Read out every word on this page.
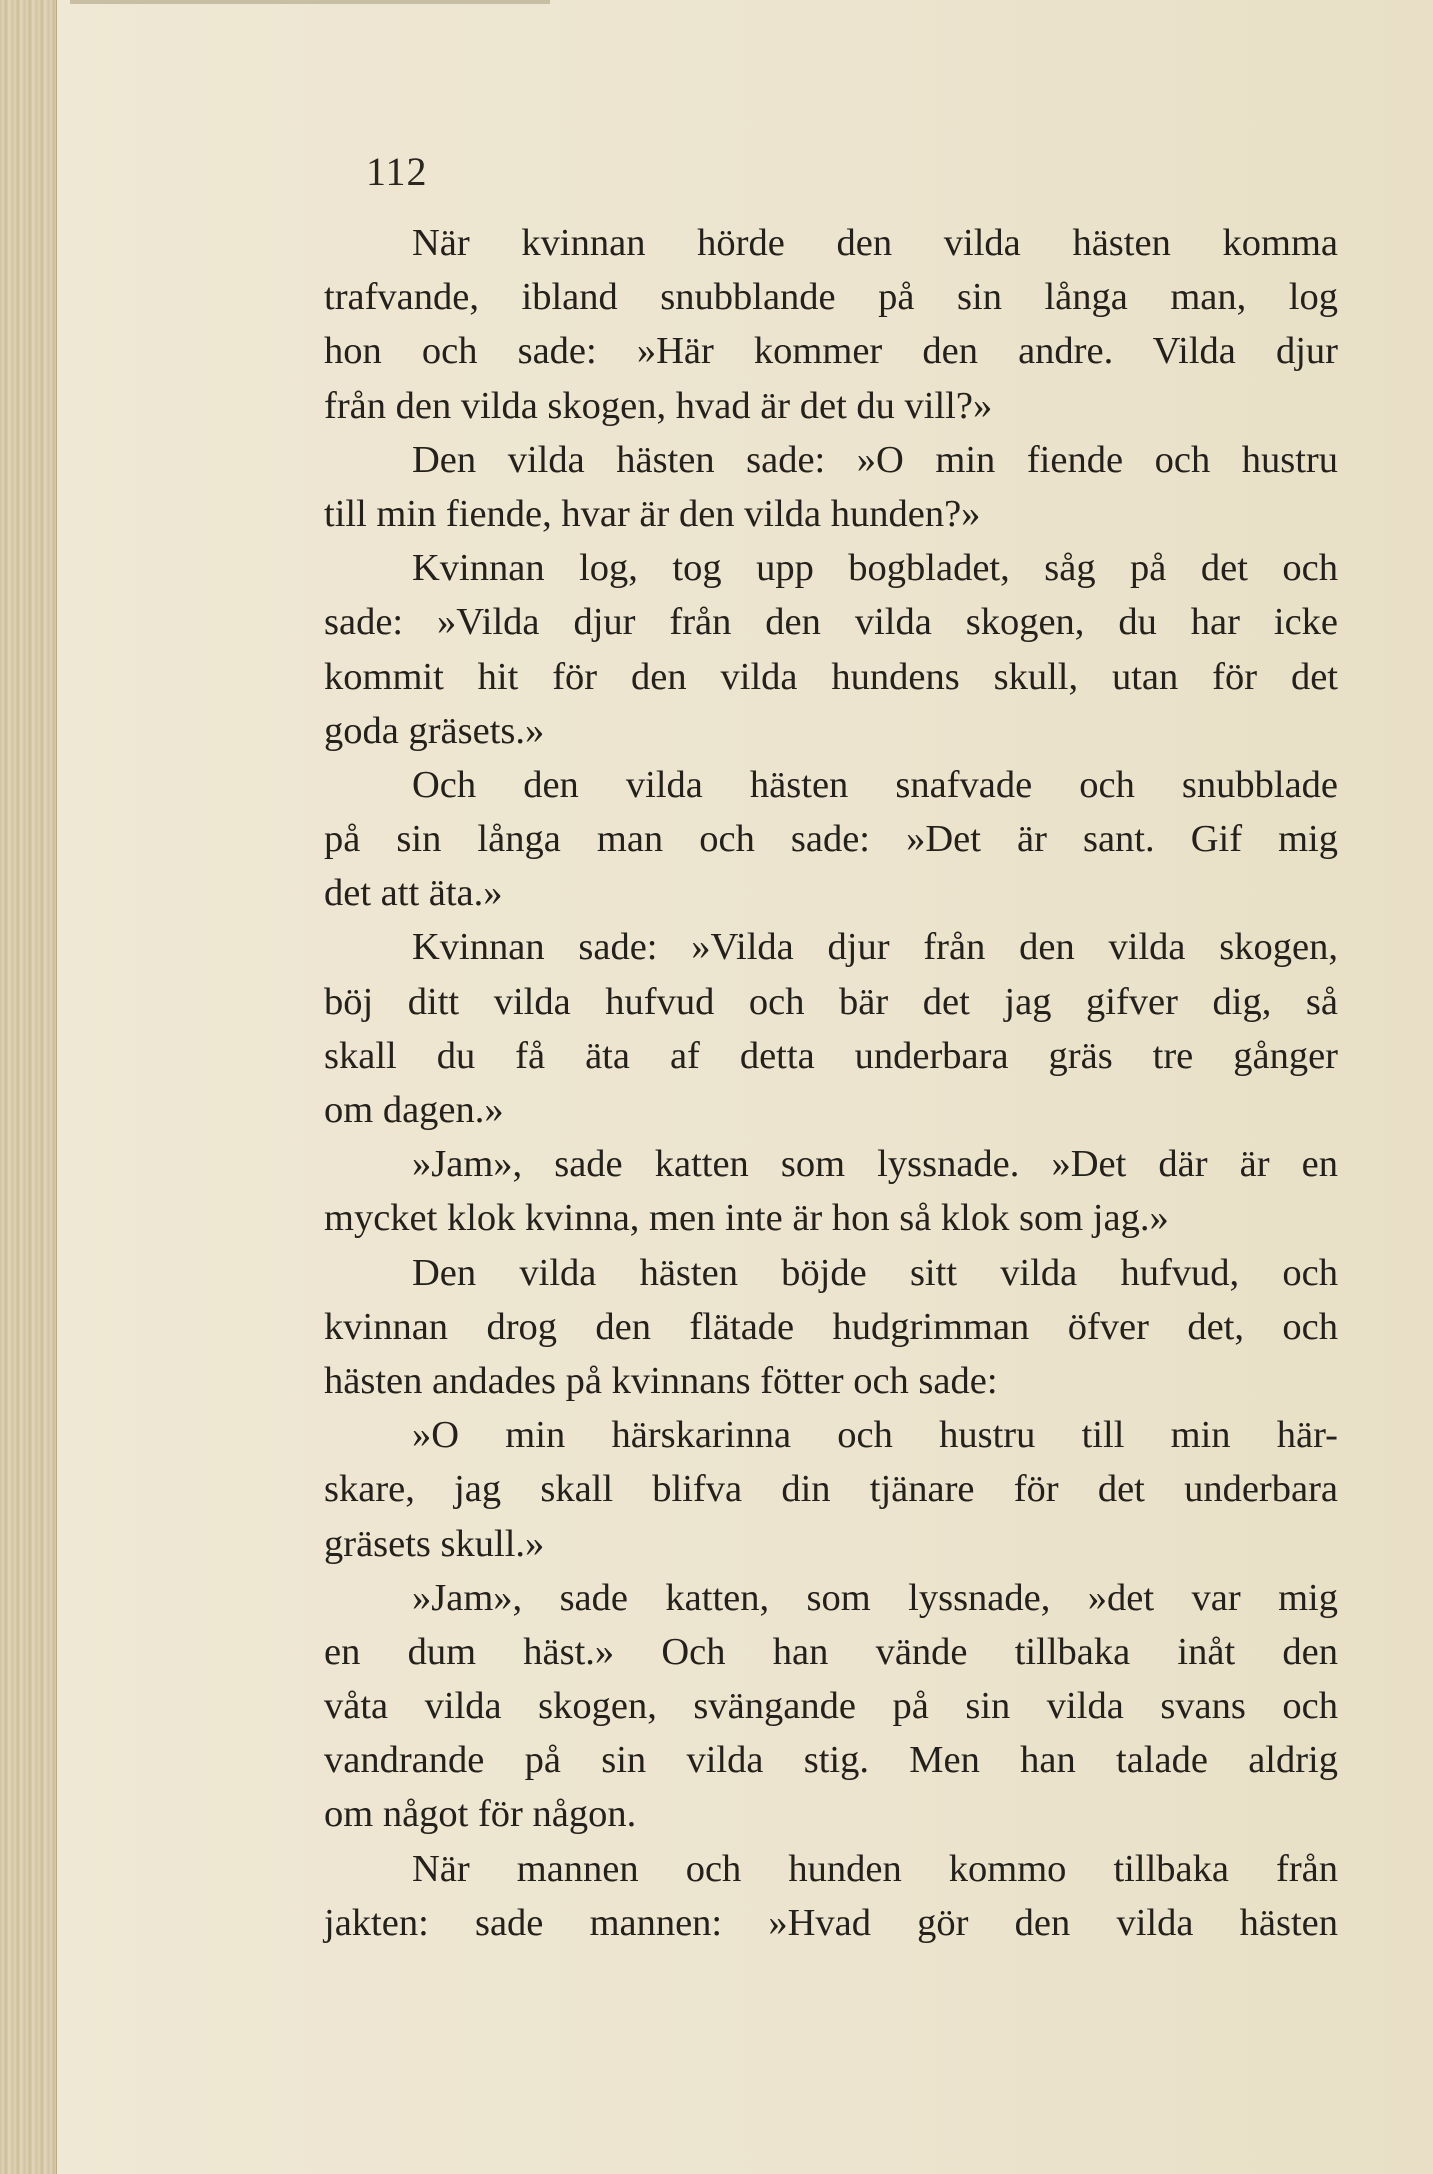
112
När kvinnan hörde den vilda hästen komma
trafvande, ibland snubblande på sin långa man, log
hon och sade: »Här kommer den andre. Vilda djur
från den vilda skogen, hvad är det du vill?»
Den vilda hästen sade: »O min fiende och hustru
till min fiende, hvar är den vilda hunden?»
Kvinnan log, tog upp bogbladet, såg på det och
sade: »Vilda djur från den vilda skogen, du har icke
kommit hit för den vilda hundens skull, utan för det
goda gräsets.»
Och den vilda hästen snafvade och snubblade
på sin långa man och sade: »Det är sant. Gif mig
det att äta.»
Kvinnan sade: »Vilda djur från den vilda skogen,
böj ditt vilda hufvud och bär det jag gifver dig, så
skall du få äta af detta underbara gräs tre gånger
om dagen.»
»Jam», sade katten som lyssnade. »Det där är en
mycket klok kvinna, men inte är hon så klok som jag.»
Den vilda hästen böjde sitt vilda hufvud, och
kvinnan drog den flätade hudgrimman öfver det, och
hästen andades på kvinnans fötter och sade:
»O min härskarinna och hustru till min här-
skare, jag skall blifva din tjänare för det underbara
gräsets skull.»
»Jam», sade katten, som lyssnade, »det var mig
en dum häst.» Och han vände tillbaka inåt den
våta vilda skogen, svängande på sin vilda svans och
vandrande på sin vilda stig. Men han talade aldrig
om något för någon.
När mannen och hunden kommo tillbaka från
jakten: sade mannen: »Hvad gör den vilda hästen
